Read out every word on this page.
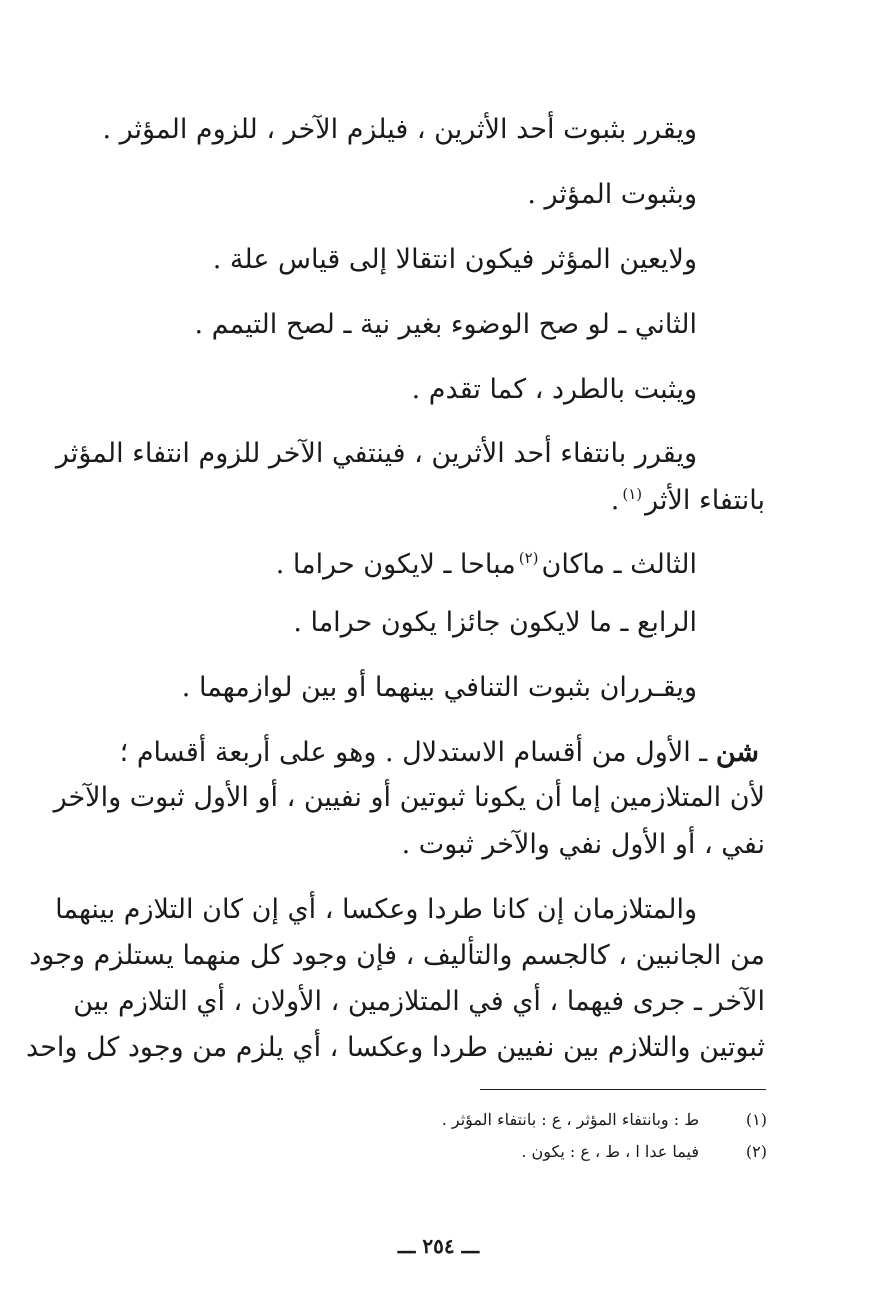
ويقرر بثبوت أحد الأثرين ، فيلزم الآخر ، للزوم المؤثر .
وبثبوت المؤثر .
ولايعين المؤثر فيكون انتقالا إلى قياس علة .
الثاني ـ لو صح الوضوء بغير نية ـ لصح التيمم .
ويثبت بالطرد ، كما تقدم .
ويقرر بانتفاء أحد الأثرين ، فينتفي الآخر للزوم انتفاء المؤثر
بانتفاء الأثر$^{(١)}$.
الثالث ـ ماكان$^{(٢)}$مباحا ـ لايكون حراما .
الرابع ـ ما لايكون جائزا يكون حراما .
ويقـرران بثبوت التنافي بينهما أو بين لوازمهما .
شن ـ الأول من أقسام الاستدلال . وهو على أربعة أقسام ؛
لأن المتلازمين إما أن يكونا ثبوتين أو نفيين ، أو الأول ثبوت والآخر
نفي ، أو الأول نفي والآخر ثبوت .
والمتلازمان إن كانا طردا وعكسا ، أي إن كان التلازم بينهما
من الجانبين ، كالجسم والتأليف ، فإن وجود كل منهما يستلزم وجود
الآخر ـ جرى فيهما ، أي في المتلازمين ، الأولان ، أي التلازم بين
ثبوتين والتلازم بين نفيين طردا وعكسا ، أي يلزم من وجود كل واحد
(١)
ط : وبانتفاء المؤثر ، ع : بانتفاء المؤثر .
(٢)
فيما عدا ا ، ط ، ع : يكون .
ـــ ٢٥٤ ـــ
